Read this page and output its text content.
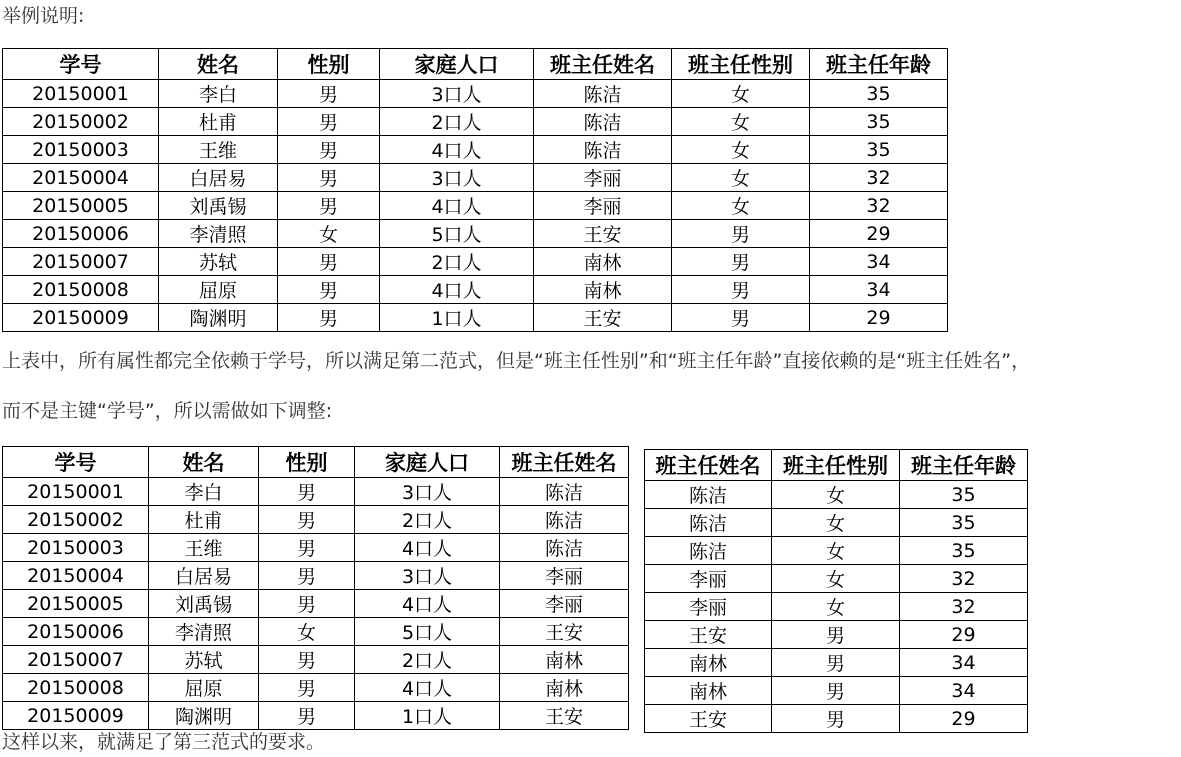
举例说明:

学号	姓名	性别	家庭人口	班主任姓名	班主任性别	班主任年龄
20150001	李白	男	3口人	陈洁	女	35
20150002	杜甫	男	2口人	陈洁	女	35
20150003	王维	男	4口人	陈洁	女	35
20150004	白居易	男	3口人	李丽	女	32
20150005	刘禹锡	男	4口人	李丽	女	32
20150006	李清照	女	5口人	王安	男	29
20150007	苏轼	男	2口人	南林	男	34
20150008	屈原	男	4口人	南林	男	34
20150009	陶渊明	男	1口人	王安	男	29

上表中，所有属性都完全依赖于学号，所以满足第二范式，但是“班主任性别”和“班主任年龄”直接依赖的是“班主任姓名”，

而不是主键“学号”，所以需做如下调整:

学号	姓名	性别	家庭人口	班主任姓名
20150001	李白	男	3口人	陈洁
20150002	杜甫	男	2口人	陈洁
20150003	王维	男	4口人	陈洁
20150004	白居易	男	3口人	李丽
20150005	刘禹锡	男	4口人	李丽
20150006	李清照	女	5口人	王安
20150007	苏轼	男	2口人	南林
20150008	屈原	男	4口人	南林
20150009	陶渊明	男	1口人	王安
班主任姓名	班主任性别	班主任年龄
陈洁	女	35
陈洁	女	35
陈洁	女	35
李丽	女	32
李丽	女	32
王安	男	29
南林	男	34
南林	男	34
王安	男	29

这样以来，就满足了第三范式的要求。
